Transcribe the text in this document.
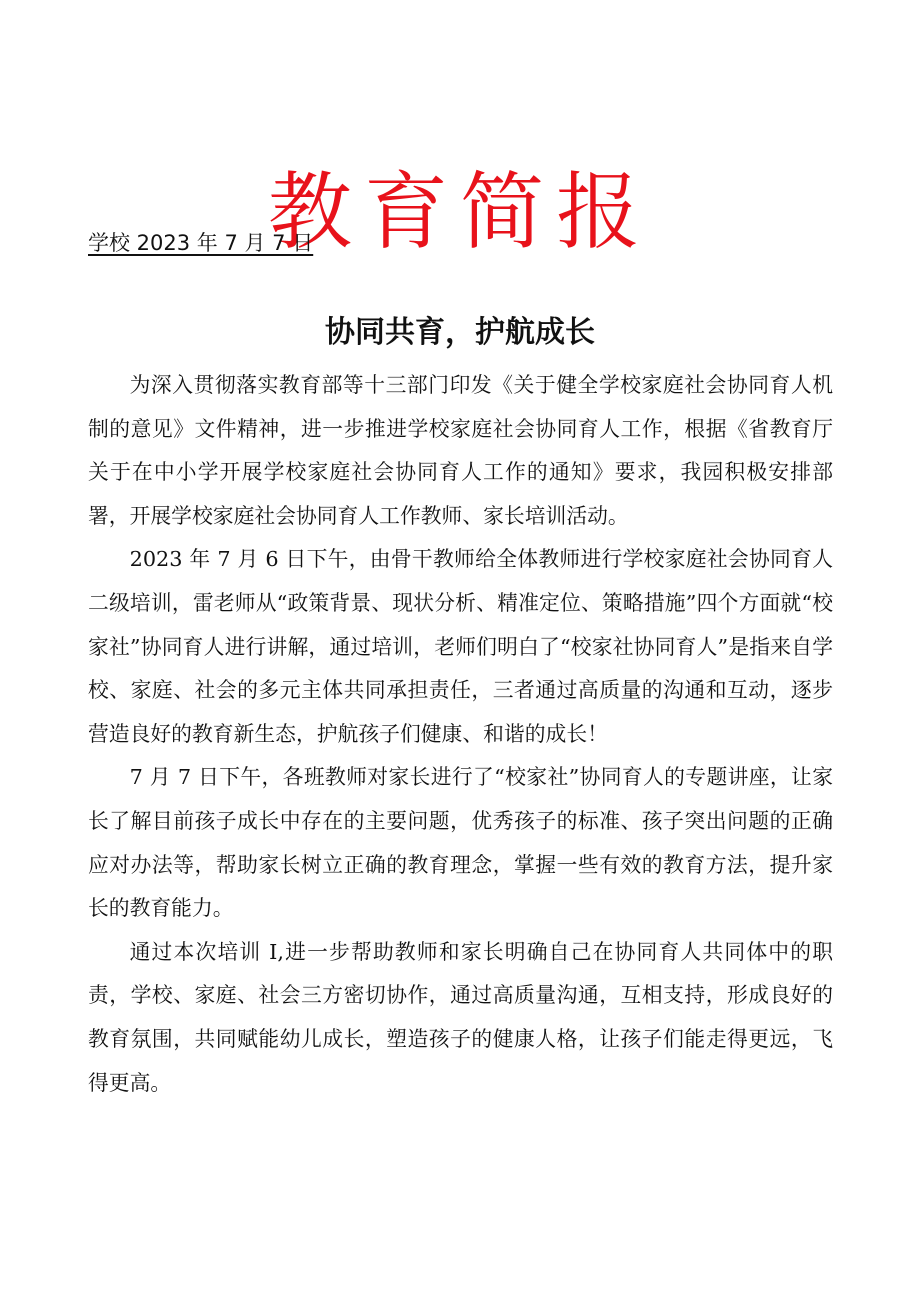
教育简报
学校 2023 年 7 月 7 日
协同共育，护航成长

为深入贯彻落实教育部等十三部门印发《关于健全学校家庭社会协同育人机制的意见》文件精神，进一步推进学校家庭社会协同育人工作，根据《省教育厅关于在中小学开展学校家庭社会协同育人工作的通知》要求，我园积极安排部署，开展学校家庭社会协同育人工作教师、家长培训活动。

2023 年 7 月 6 日下午，由骨干教师给全体教师进行学校家庭社会协同育人二级培训，雷老师从“政策背景、现状分析、精准定位、策略措施”四个方面就“校家社”协同育人进行讲解，通过培训，老师们明白了“校家社协同育人”是指来自学校、家庭、社会的多元主体共同承担责任，三者通过高质量的沟通和互动，逐步营造良好的教育新生态，护航孩子们健康、和谐的成长！

7 月 7 日下午，各班教师对家长进行了“校家社”协同育人的专题讲座，让家长了解目前孩子成长中存在的主要问题，优秀孩子的标准、孩子突出问题的正确应对办法等，帮助家长树立正确的教育理念，掌握一些有效的教育方法，提升家长的教育能力。

通过本次培训 I,进一步帮助教师和家长明确自己在协同育人共同体中的职责，学校、家庭、社会三方密切协作，通过高质量沟通，互相支持，形成良好的教育氛围，共同赋能幼儿成长，塑造孩子的健康人格，让孩子们能走得更远，飞得更高。
